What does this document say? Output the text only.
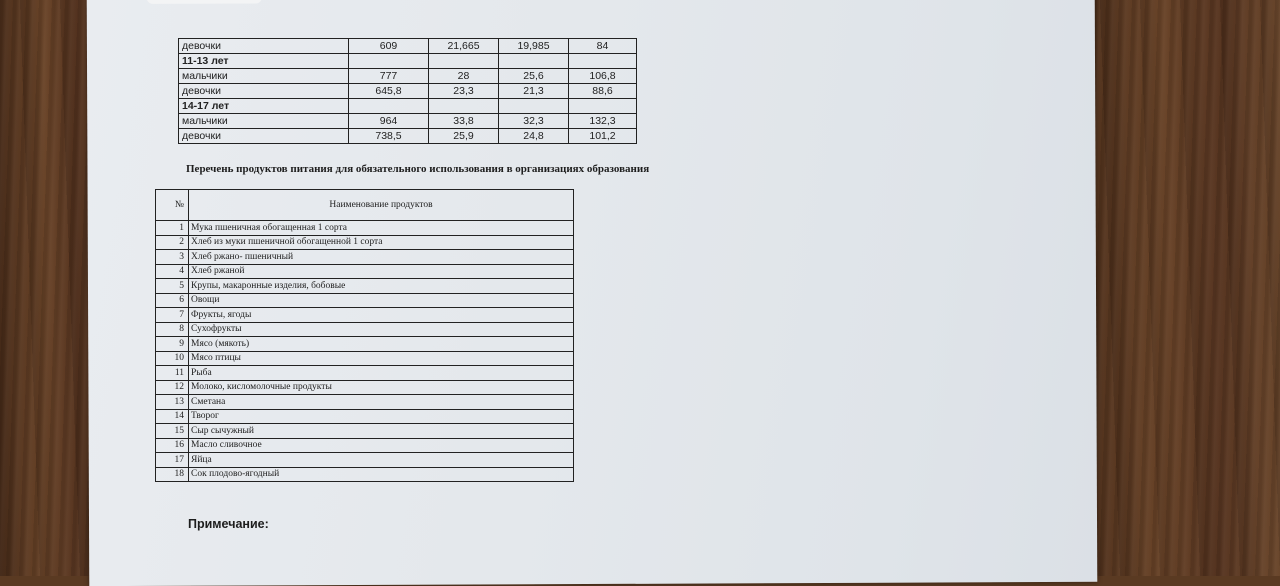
девочки	609	21,665	19,985	84
11-13 лет				
мальчики	777	28	25,6	106,8
девочки	645,8	23,3	21,3	88,6
14-17 лет				
мальчики	964	33,8	32,3	132,3
девочки	738,5	25,9	24,8	101,2
Перечень продуктов питания для обязательного использования в организациях образования
№	Наименование продуктов
1	Мука пшеничная обогащенная 1 сорта
2	Хлеб из муки пшеничной обогащенной 1 сорта
3	Хлеб ржано- пшеничный
4	Хлеб ржаной
5	Крупы, макаронные изделия, бобовые
6	Овощи
7	Фрукты, ягоды
8	Сухофрукты
9	Мясо (мякоть)
10	Мясо птицы
11	Рыба
12	Молоко, кисломолочные продукты
13	Сметана
14	Творог
15	Сыр сычужный
16	Масло сливочное
17	Яйца
18	Сок плодово-ягодный
Примечание:
